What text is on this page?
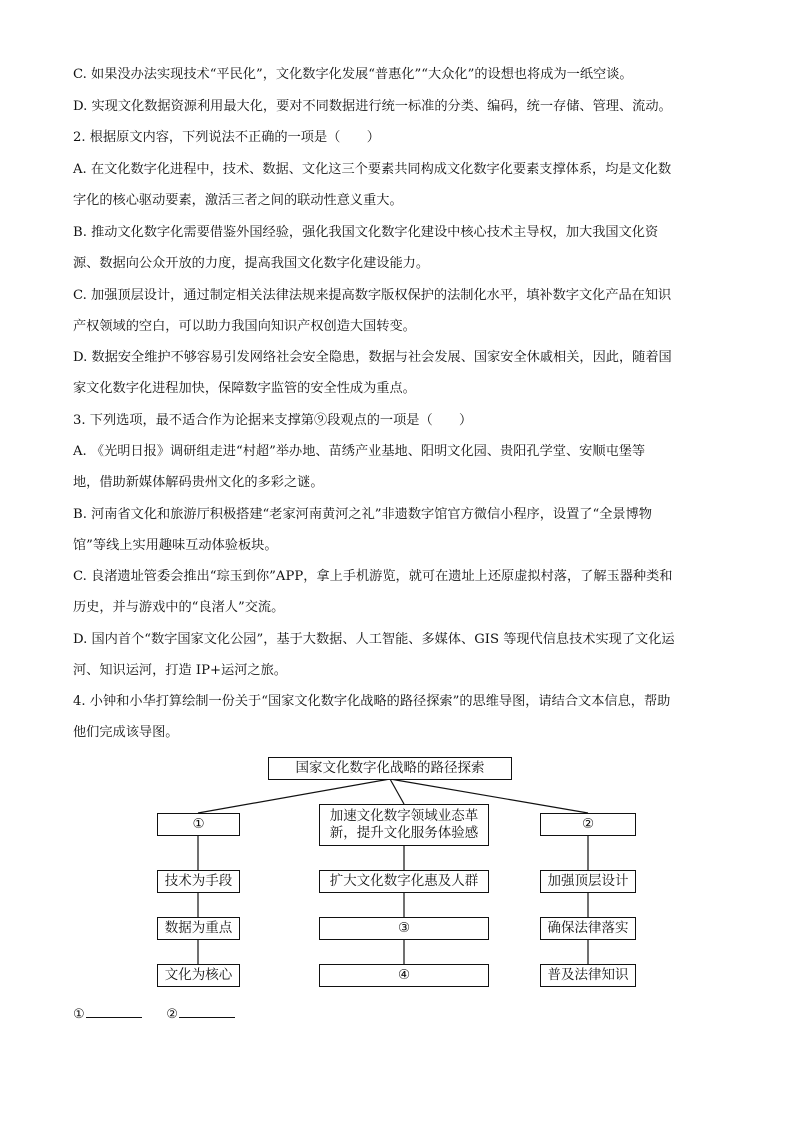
C. 如果没办法实现技术“平民化”，文化数字化发展“普惠化”“大众化”的设想也将成为一纸空谈。
D. 实现文化数据资源利用最大化，要对不同数据进行统一标准的分类、编码，统一存储、管理、流动。
2. 根据原文内容，下列说法不正确的一项是（　　）
A. 在文化数字化进程中，技术、数据、文化这三个要素共同构成文化数字化要素支撑体系，均是文化数
字化的核心驱动要素，激活三者之间的联动性意义重大。
B. 推动文化数字化需要借鉴外国经验，强化我国文化数字化建设中核心技术主导权，加大我国文化资
源、数据向公众开放的力度，提高我国文化数字化建设能力。
C. 加强顶层设计，通过制定相关法律法规来提高数字版权保护的法制化水平，填补数字文化产品在知识
产权领域的空白，可以助力我国向知识产权创造大国转变。
D. 数据安全维护不够容易引发网络社会安全隐患，数据与社会发展、国家安全休戚相关，因此，随着国
家文化数字化进程加快，保障数字监管的安全性成为重点。
3. 下列选项，最不适合作为论据来支撑第⑨段观点的一项是（　　）
A. 《光明日报》调研组走进“村超”举办地、苗绣产业基地、阳明文化园、贵阳孔学堂、安顺屯堡等
地，借助新媒体解码贵州文化的多彩之谜。
B. 河南省文化和旅游厅积极搭建“老家河南黄河之礼”非遗数字馆官方微信小程序，设置了“全景博物
馆”等线上实用趣味互动体验板块。
C. 良渚遗址管委会推出“琮玉到你”APP，拿上手机游览，就可在遗址上还原虚拟村落，了解玉器种类和
历史，并与游戏中的“良渚人”交流。
D. 国内首个“数字国家文化公园”，基于大数据、人工智能、多媒体、GIS 等现代信息技术实现了文化运
河、知识运河，打造 IP+运河之旅。
4. 小钟和小华打算绘制一份关于“国家文化数字化战略的路径探索”的思维导图，请结合文本信息，帮助
他们完成该导图。
国家文化数字化战略的路径探索
①
技术为手段
数据为重点
文化为核心
加速文化数字领域业态革新，提升文化服务体验感
扩大文化数字化惠及人群
③
④
②
加强顶层设计
确保法律落实
普及法律知识
①	②
